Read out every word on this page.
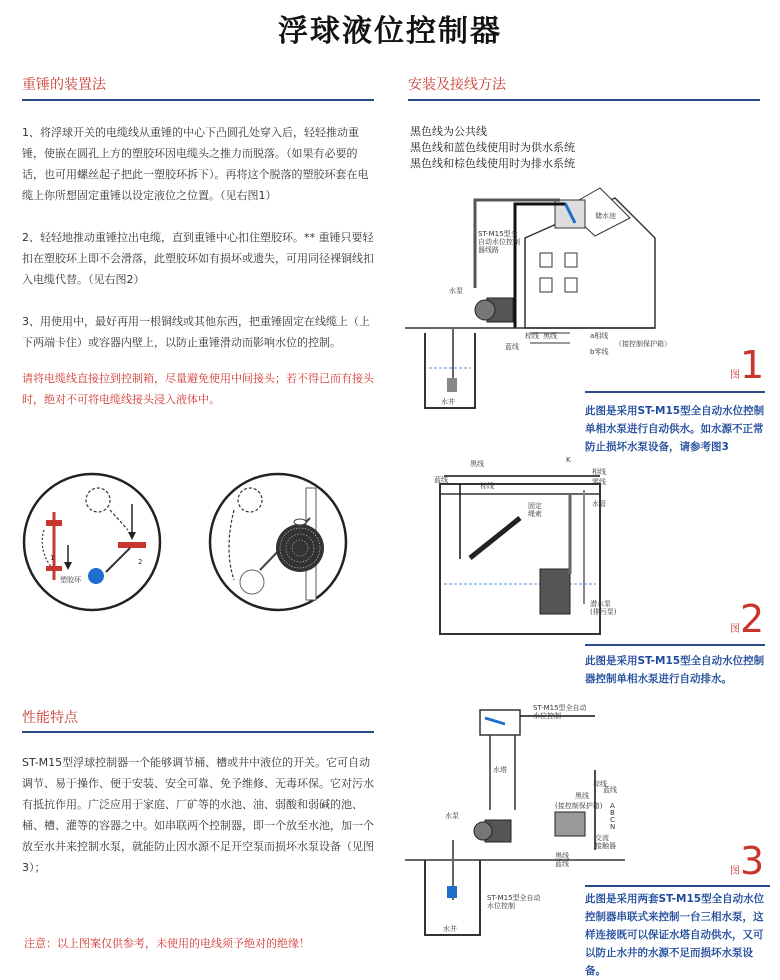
浮球液位控制器
重锤的装置法
1、将浮球开关的电缆线从重锤的中心下凸圆孔处穿入后，轻轻推动重锤，使嵌在圆孔上方的塑胶环因电缆头之推力而脱落。（如果有必要的话，也可用螺丝起子把此一塑胶环拆下）。再将这个脱落的塑胶环套在电缆上你所想固定重锤以设定液位之位置。（见右图1）
2、轻轻地推动重锤拉出电缆，直到重锤中心扣住塑胶环。** 重锤只要轻扣在塑胶环上即不会滑落，此塑胶环如有损坏或遗失，可用同径裸铜线扣入电缆代替。（见右图2）
3、用使用中，最好再用一根铜线或其他东西，把重锤固定在线缆上（上下两端卡住）或容器内壁上，以防止重锤滑动而影响水位的控制。
请将电缆线直接拉到控制箱，尽量避免使用中间接头；若不得已而有接头时，绝对不可将电缆线接头浸入液体中。
1	2
塑胶环
性能特点
ST-M15型浮球控制器一个能够调节桶、槽或井中液位的开关。它可自动调节、易于操作、便于安装、安全可靠、免予维修、无毒环保。它对污水有抵抗作用。广泛应用于家庭、厂矿等的水池、油、弱酸和弱碱的池、桶、槽、灌等的容器之中。如串联两个控制器，即一个放至水池，加一个放至水井来控制水泵，就能防止因水源不足开空泵而损坏水泵设备（见图3）；
注意：以上图案仅供参考，未使用的电线须予绝对的绝缘！
安装及接线方法
黑色线为公共线
黑色线和蓝色线使用时为供水系统
黑色线和棕色线使用时为排水系统
储水池
ST-M15型全
自动水位控制
器线路
水泵
棕线 黑线
蓝线
a相线
b零线
（接控制保护箱）
水井
图1
此图是采用ST-M15型全自动水位控制单相水泵进行自动供水。如水源不正常防止损坏水泵设备，请参考图3
黑线
蓝线
棕线
K
相线
零线
固定
绳索
水管
潜水泵
(排污泵)
图2
此图是采用ST-M15型全自动水位控制器控制单相水泵进行自动排水。
ST-M15型全自动
水位控制
水塔
棕线
黑线
蓝线
A
B
C
N
(接控制保护箱)
交流
接触器
水泵
黑线
蓝线
ST-M15型全自动
水位控制
水井
图3
此图是采用两套ST-M15型全自动水位控制器串联式来控制一台三相水泵，这样连接既可以保证水塔自动供水，又可以防止水井的水源不足而损坏水泵设备。
